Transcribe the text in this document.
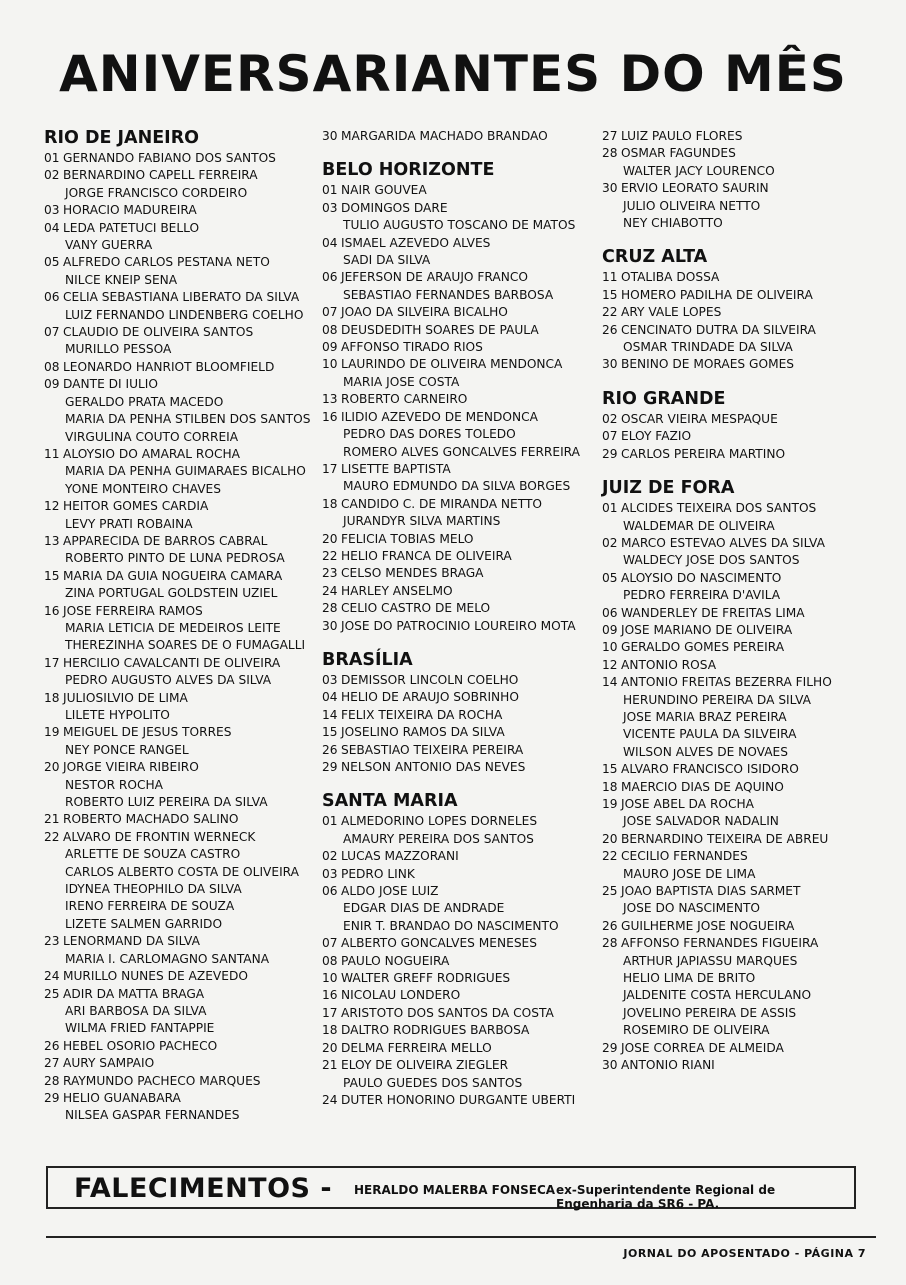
ANIVERSARIANTES DO MÊS
RIO DE JANEIRO
01 GERNANDO FABIANO DOS SANTOS
02 BERNARDINO CAPELL FERREIRA
JORGE FRANCISCO CORDEIRO
03 HORACIO MADUREIRA
04 LEDA PATETUCI BELLO
VANY GUERRA
05 ALFREDO CARLOS PESTANA NETO
NILCE KNEIP SENA
06 CELIA SEBASTIANA LIBERATO DA SILVA
LUIZ FERNANDO LINDENBERG COELHO
07 CLAUDIO DE OLIVEIRA SANTOS
MURILLO PESSOA
08 LEONARDO HANRIOT BLOOMFIELD
09 DANTE DI IULIO
GERALDO PRATA MACEDO
MARIA DA PENHA STILBEN DOS SANTOS
VIRGULINA COUTO CORREIA
11 ALOYSIO DO AMARAL ROCHA
MARIA DA PENHA GUIMARAES BICALHO
YONE MONTEIRO CHAVES
12 HEITOR GOMES CARDIA
LEVY PRATI ROBAINA
13 APPARECIDA DE BARROS CABRAL
ROBERTO PINTO DE LUNA PEDROSA
15 MARIA DA GUIA NOGUEIRA CAMARA
ZINA PORTUGAL GOLDSTEIN UZIEL
16 JOSE FERREIRA RAMOS
MARIA LETICIA DE MEDEIROS LEITE
THEREZINHA SOARES DE O FUMAGALLI
17 HERCILIO CAVALCANTI DE OLIVEIRA
PEDRO AUGUSTO ALVES DA SILVA
18 JULIOSILVIO DE LIMA
LILETE HYPOLITO
19 MEIGUEL DE JESUS TORRES
NEY PONCE RANGEL
20 JORGE VIEIRA RIBEIRO
NESTOR ROCHA
ROBERTO LUIZ PEREIRA DA SILVA
21 ROBERTO MACHADO SALINO
22 ALVARO DE FRONTIN WERNECK
ARLETTE DE SOUZA CASTRO
CARLOS ALBERTO COSTA DE OLIVEIRA
IDYNEA THEOPHILO DA SILVA
IRENO FERREIRA DE SOUZA
LIZETE SALMEN GARRIDO
23 LENORMAND DA SILVA
MARIA I. CARLOMAGNO SANTANA
24 MURILLO NUNES DE AZEVEDO
25 ADIR DA MATTA BRAGA
ARI BARBOSA DA SILVA
WILMA FRIED FANTAPPIE
26 HEBEL OSORIO PACHECO
27 AURY SAMPAIO
28 RAYMUNDO PACHECO MARQUES
29 HELIO GUANABARA
NILSEA GASPAR FERNANDES
30 MARGARIDA MACHADO BRANDAO
BELO HORIZONTE
01 NAIR GOUVEA
03 DOMINGOS DARE
TULIO AUGUSTO TOSCANO DE MATOS
04 ISMAEL AZEVEDO ALVES
SADI DA SILVA
06 JEFERSON DE ARAUJO FRANCO
SEBASTIAO FERNANDES BARBOSA
07 JOAO DA SILVEIRA BICALHO
08 DEUSDEDITH SOARES DE PAULA
09 AFFONSO TIRADO RIOS
10 LAURINDO DE OLIVEIRA MENDONCA
MARIA JOSE COSTA
13 ROBERTO CARNEIRO
16 ILIDIO AZEVEDO DE MENDONCA
PEDRO DAS DORES TOLEDO
ROMERO ALVES GONCALVES FERREIRA
17 LISETTE BAPTISTA
MAURO EDMUNDO DA SILVA BORGES
18 CANDIDO C. DE MIRANDA NETTO
JURANDYR SILVA MARTINS
20 FELICIA TOBIAS MELO
22 HELIO FRANCA DE OLIVEIRA
23 CELSO MENDES BRAGA
24 HARLEY ANSELMO
28 CELIO CASTRO DE MELO
30 JOSE DO PATROCINIO LOUREIRO MOTA
BRASÍLIA
03 DEMISSOR LINCOLN COELHO
04 HELIO DE ARAUJO SOBRINHO
14 FELIX TEIXEIRA DA ROCHA
15 JOSELINO RAMOS DA SILVA
26 SEBASTIAO TEIXEIRA PEREIRA
29 NELSON ANTONIO DAS NEVES
SANTA MARIA
01 ALMEDORINO LOPES DORNELES
AMAURY PEREIRA DOS SANTOS
02 LUCAS MAZZORANI
03 PEDRO LINK
06 ALDO JOSE LUIZ
EDGAR DIAS DE ANDRADE
ENIR T. BRANDAO DO NASCIMENTO
07 ALBERTO GONCALVES MENESES
08 PAULO NOGUEIRA
10 WALTER GREFF RODRIGUES
16 NICOLAU LONDERO
17 ARISTOTO DOS SANTOS DA COSTA
18 DALTRO RODRIGUES BARBOSA
20 DELMA FERREIRA MELLO
21 ELOY DE OLIVEIRA ZIEGLER
PAULO GUEDES DOS SANTOS
24 DUTER HONORINO DURGANTE UBERTI
27 LUIZ PAULO FLORES
28 OSMAR FAGUNDES
WALTER JACY LOURENCO
30 ERVIO LEORATO SAURIN
JULIO OLIVEIRA NETTO
NEY CHIABOTTO
CRUZ ALTA
11 OTALIBA DOSSA
15 HOMERO PADILHA DE OLIVEIRA
22 ARY VALE LOPES
26 CENCINATO DUTRA DA SILVEIRA
OSMAR TRINDADE DA SILVA
30 BENINO DE MORAES GOMES
RIO GRANDE
02 OSCAR VIEIRA MESPAQUE
07 ELOY FAZIO
29 CARLOS PEREIRA MARTINO
JUIZ DE FORA
01 ALCIDES TEIXEIRA DOS SANTOS
WALDEMAR DE OLIVEIRA
02 MARCO ESTEVAO ALVES DA SILVA
WALDECY JOSE DOS SANTOS
05 ALOYSIO DO NASCIMENTO
PEDRO FERREIRA D'AVILA
06 WANDERLEY DE FREITAS LIMA
09 JOSE MARIANO DE OLIVEIRA
10 GERALDO GOMES PEREIRA
12 ANTONIO ROSA
14 ANTONIO FREITAS BEZERRA FILHO
HERUNDINO PEREIRA DA SILVA
JOSE MARIA BRAZ PEREIRA
VICENTE PAULA DA SILVEIRA
WILSON ALVES DE NOVAES
15 ALVARO FRANCISCO ISIDORO
18 MAERCIO DIAS DE AQUINO
19 JOSE ABEL DA ROCHA
JOSE SALVADOR NADALIN
20 BERNARDINO TEIXEIRA DE ABREU
22 CECILIO FERNANDES
MAURO JOSE DE LIMA
25 JOAO BAPTISTA DIAS SARMET
JOSE DO NASCIMENTO
26 GUILHERME JOSE NOGUEIRA
28 AFFONSO FERNANDES FIGUEIRA
ARTHUR JAPIASSU MARQUES
HELIO LIMA DE BRITO
JALDENITE COSTA HERCULANO
JOVELINO PEREIRA DE ASSIS
ROSEMIRO DE OLIVEIRA
29 JOSE CORREA DE ALMEIDA
30 ANTONIO RIANI
FALECIMENTOS - HERALDO MALERBA FONSECA ex-Superintendente Regional de Engenharia da SR6 - PA.
JORNAL DO APOSENTADO - PÁGINA 7
